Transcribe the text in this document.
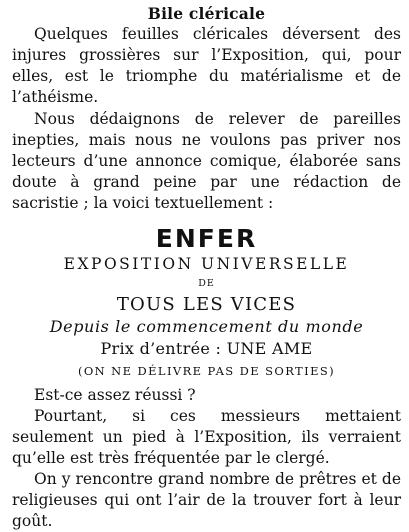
Bile cléricale

Quelques feuilles cléricales déversent des injures grossières sur l’Exposition, qui, pour elles, est le triomphe du matérialisme et de l’athéisme.

Nous dédaignons de relever de pareilles inepties, mais nous ne voulons pas priver nos lecteurs d’une annonce comique, élaborée sans doute à grand peine par une rédaction de sacristie ; la voici textuellement :

ENFER

EXPOSITION UNIVERSELLE

DE

TOUS LES VICES

Depuis le commencement du monde

Prix d’entrée : UNE AME

(ON NE DÉLIVRE PAS DE SORTIES)

Est-ce assez réussi ?

Pourtant, si ces messieurs mettaient seulement un pied à l’Exposition, ils verraient qu’elle est très fréquentée par le clergé.

On y rencontre grand nombre de prêtres et de religieuses qui ont l’air de la trouver fort à leur goût.
